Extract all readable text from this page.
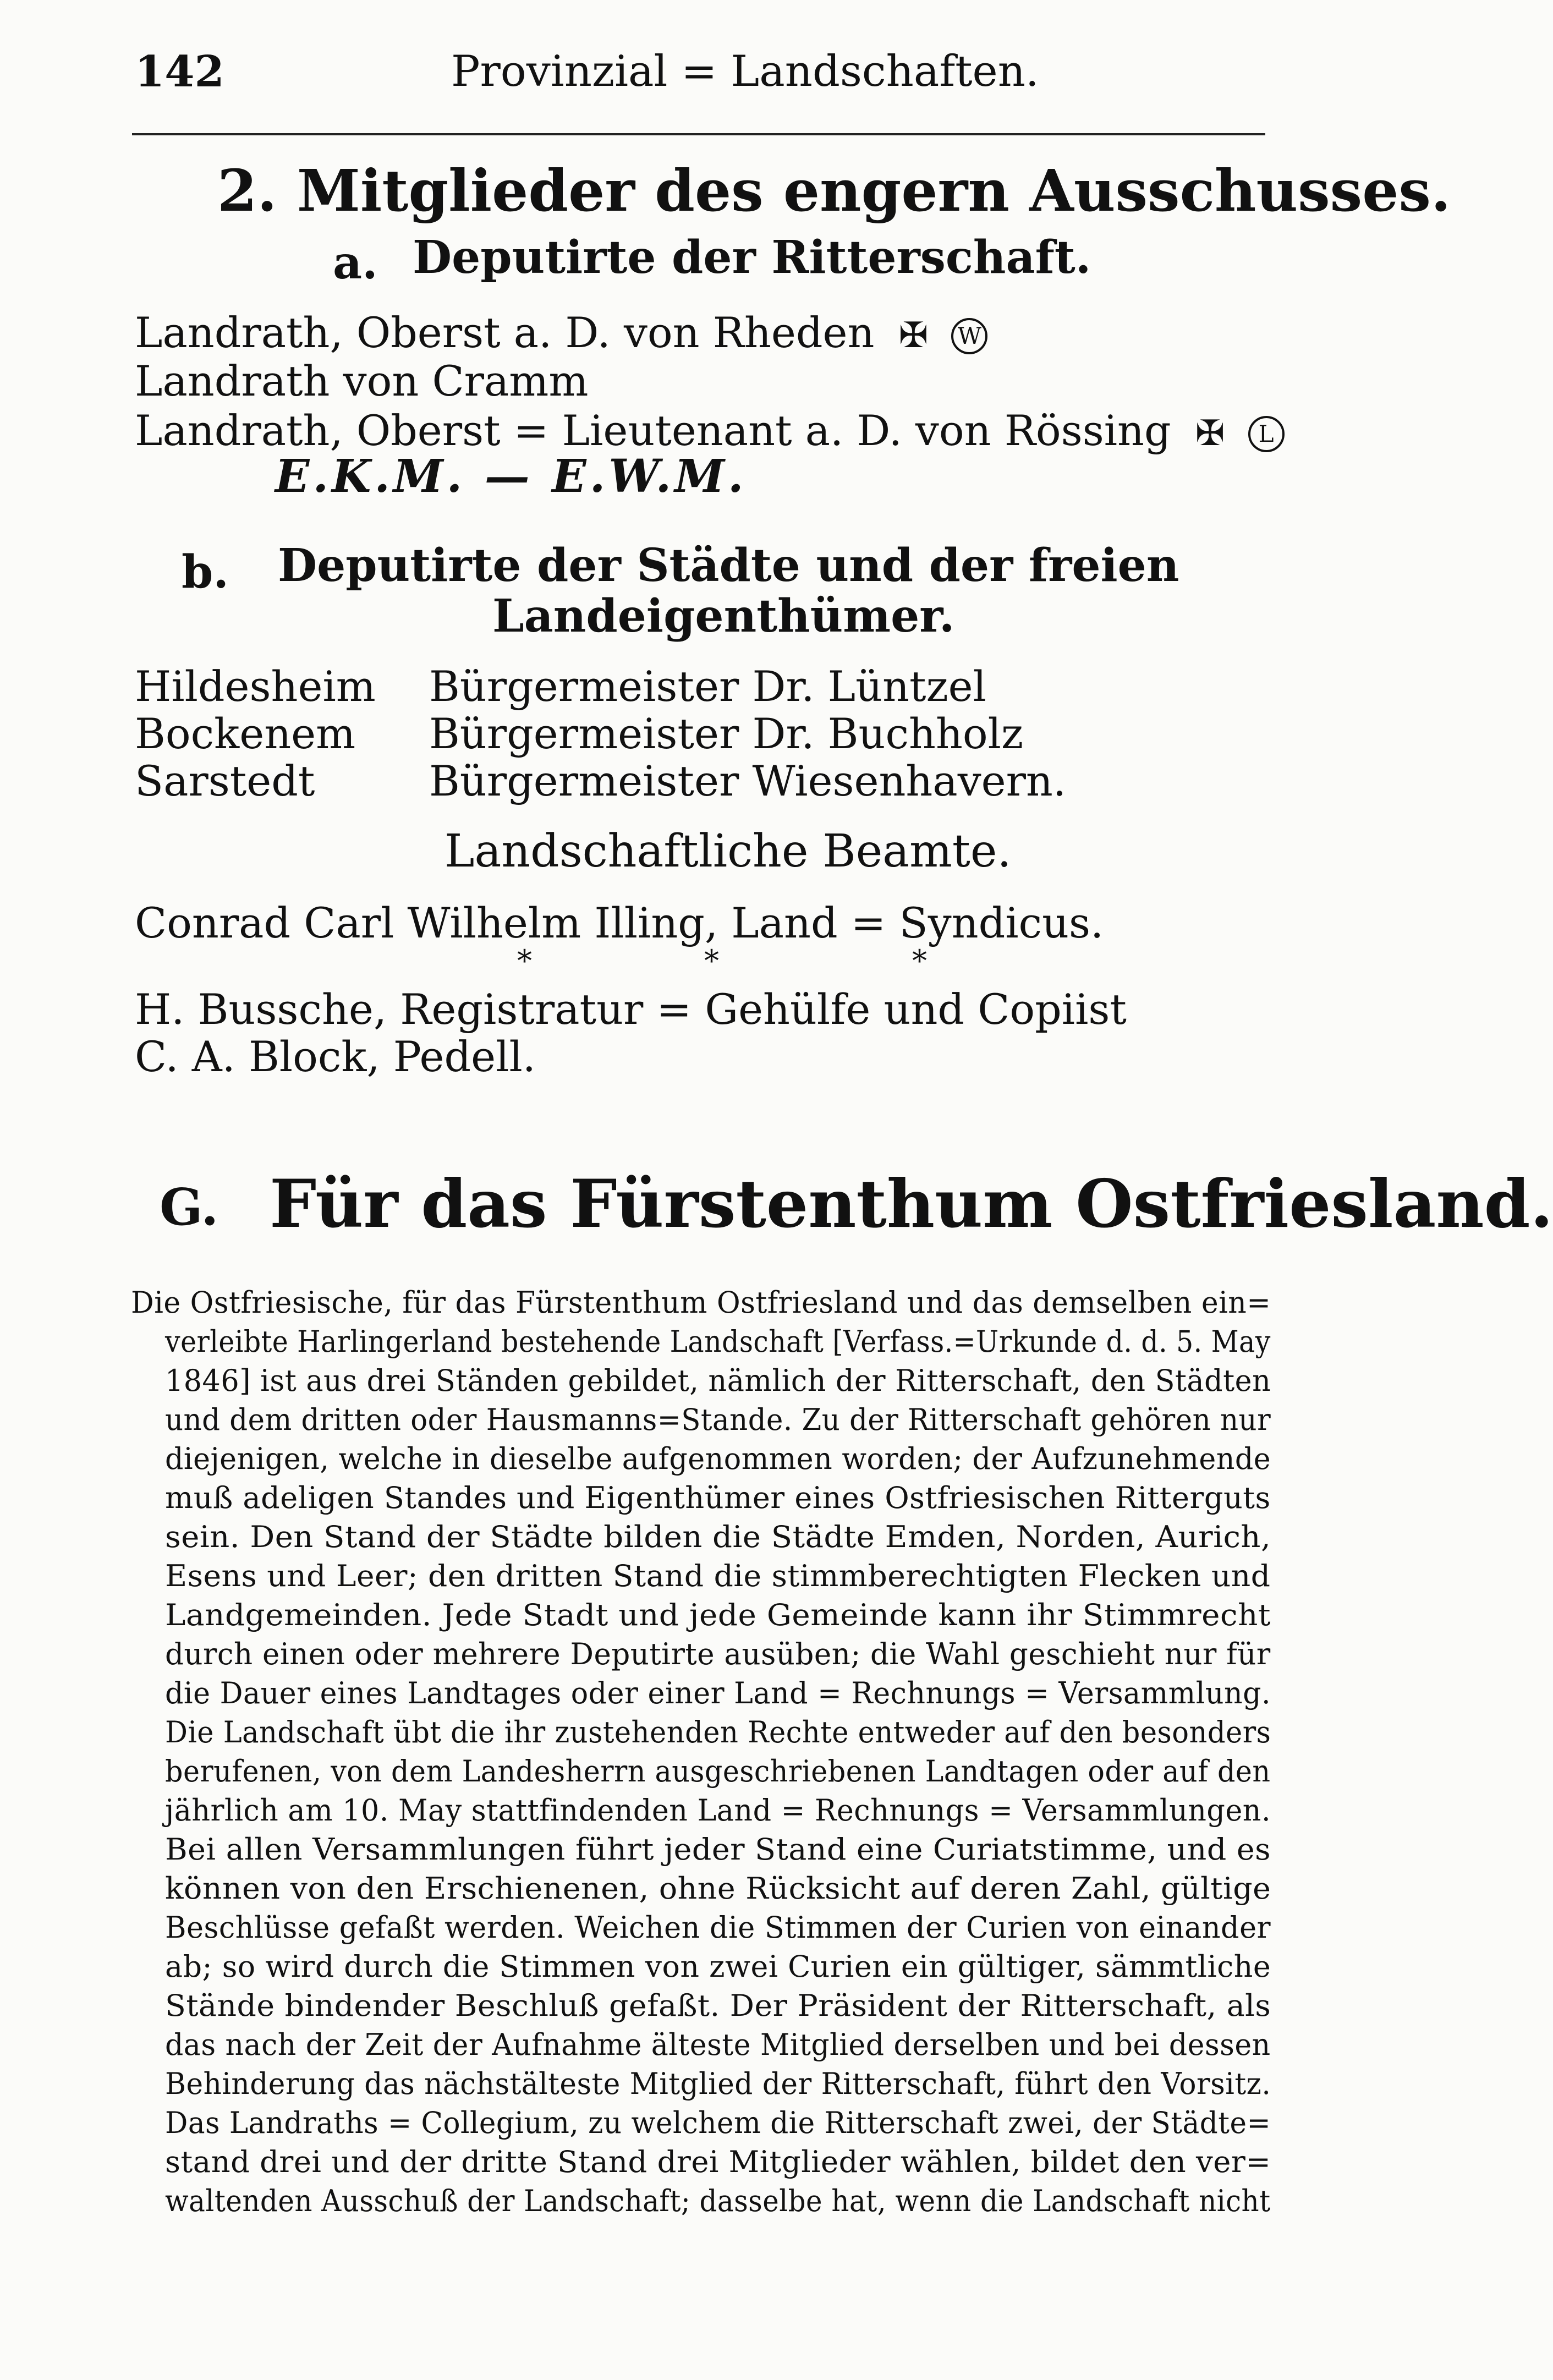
142	Provinzial = Landschaften.
2. Mitglieder des engern Ausschusses.
a. Deputirte der Ritterschaft.
Landrath, Oberst a. D. von Rheden ✠ W
Landrath von Cramm
Landrath, Oberst = Lieutenant a. D. von Rössing ✠ L
E.K.M. — E.W.M.
b. Deputirte der Städte und der freien
Landeigenthümer.
Hildesheim Bürgermeister Dr. Lüntzel
Bockenem Bürgermeister Dr. Buchholz
Sarstedt	Bürgermeister Wiesenhavern.
Landschaftliche Beamte.
Conrad Carl Wilhelm Illing, Land = Syndicus.
*	*	*
H. Bussche, Registratur = Gehülfe und Copiist
C. A. Block, Pedell.
G. Für das Fürstenthum Ostfriesland.
Die Ostfriesische, für das Fürstenthum Ostfriesland und das demselben ein=
verleibte Harlingerland bestehende Landschaft [Verfass.=Urkunde d. d. 5. May
1846] ist aus drei Ständen gebildet, nämlich der Ritterschaft, den Städten
und dem dritten oder Hausmanns=Stande. Zu der Ritterschaft gehören nur
diejenigen, welche in dieselbe aufgenommen worden; der Aufzunehmende
muß adeligen Standes und Eigenthümer eines Ostfriesischen Ritterguts
sein. Den Stand der Städte bilden die Städte Emden, Norden, Aurich,
Esens und Leer; den dritten Stand die stimmberechtigten Flecken und
Landgemeinden. Jede Stadt und jede Gemeinde kann ihr Stimmrecht
durch einen oder mehrere Deputirte ausüben; die Wahl geschieht nur für
die Dauer eines Landtages oder einer Land = Rechnungs = Versammlung.
Die Landschaft übt die ihr zustehenden Rechte entweder auf den besonders
berufenen, von dem Landesherrn ausgeschriebenen Landtagen oder auf den
jährlich am 10. May stattfindenden Land = Rechnungs = Versammlungen.
Bei allen Versammlungen führt jeder Stand eine Curiatstimme, und es
können von den Erschienenen, ohne Rücksicht auf deren Zahl, gültige
Beschlüsse gefaßt werden. Weichen die Stimmen der Curien von einander
ab; so wird durch die Stimmen von zwei Curien ein gültiger, sämmtliche
Stände bindender Beschluß gefaßt. Der Präsident der Ritterschaft, als
das nach der Zeit der Aufnahme älteste Mitglied derselben und bei dessen
Behinderung das nächstälteste Mitglied der Ritterschaft, führt den Vorsitz.
Das Landraths = Collegium, zu welchem die Ritterschaft zwei, der Städte=
stand drei und der dritte Stand drei Mitglieder wählen, bildet den ver=
waltenden Ausschuß der Landschaft; dasselbe hat, wenn die Landschaft nicht
